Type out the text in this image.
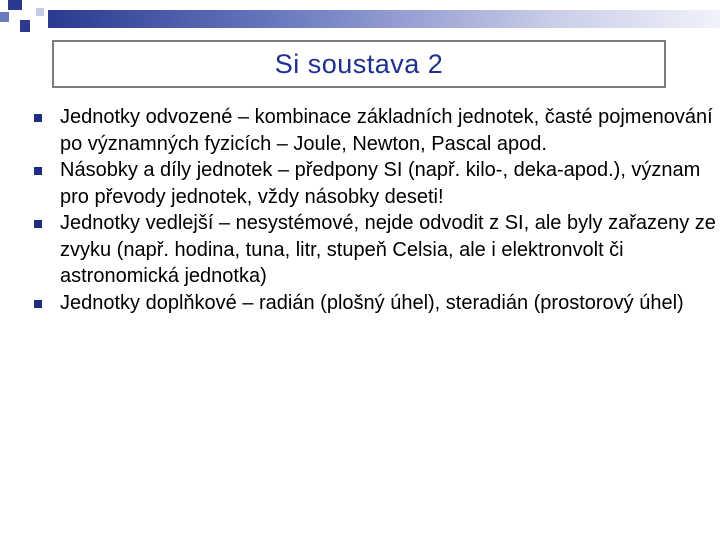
Si soustava 2
Jednotky odvozené – kombinace základních jednotek, časté pojmenování po významných fyzicích – Joule, Newton, Pascal apod.
Násobky a díly jednotek – předpony SI (např. kilo-, deka-apod.), význam pro převody jednotek, vždy násobky deseti!
Jednotky vedlejší – nesystémové, nejde odvodit z SI, ale byly zařazeny ze zvyku (např. hodina, tuna, litr, stupeň Celsia, ale i elektronvolt či astronomická jednotka)
Jednotky doplňkové – radián (plošný úhel), steradián (prostorový úhel)
